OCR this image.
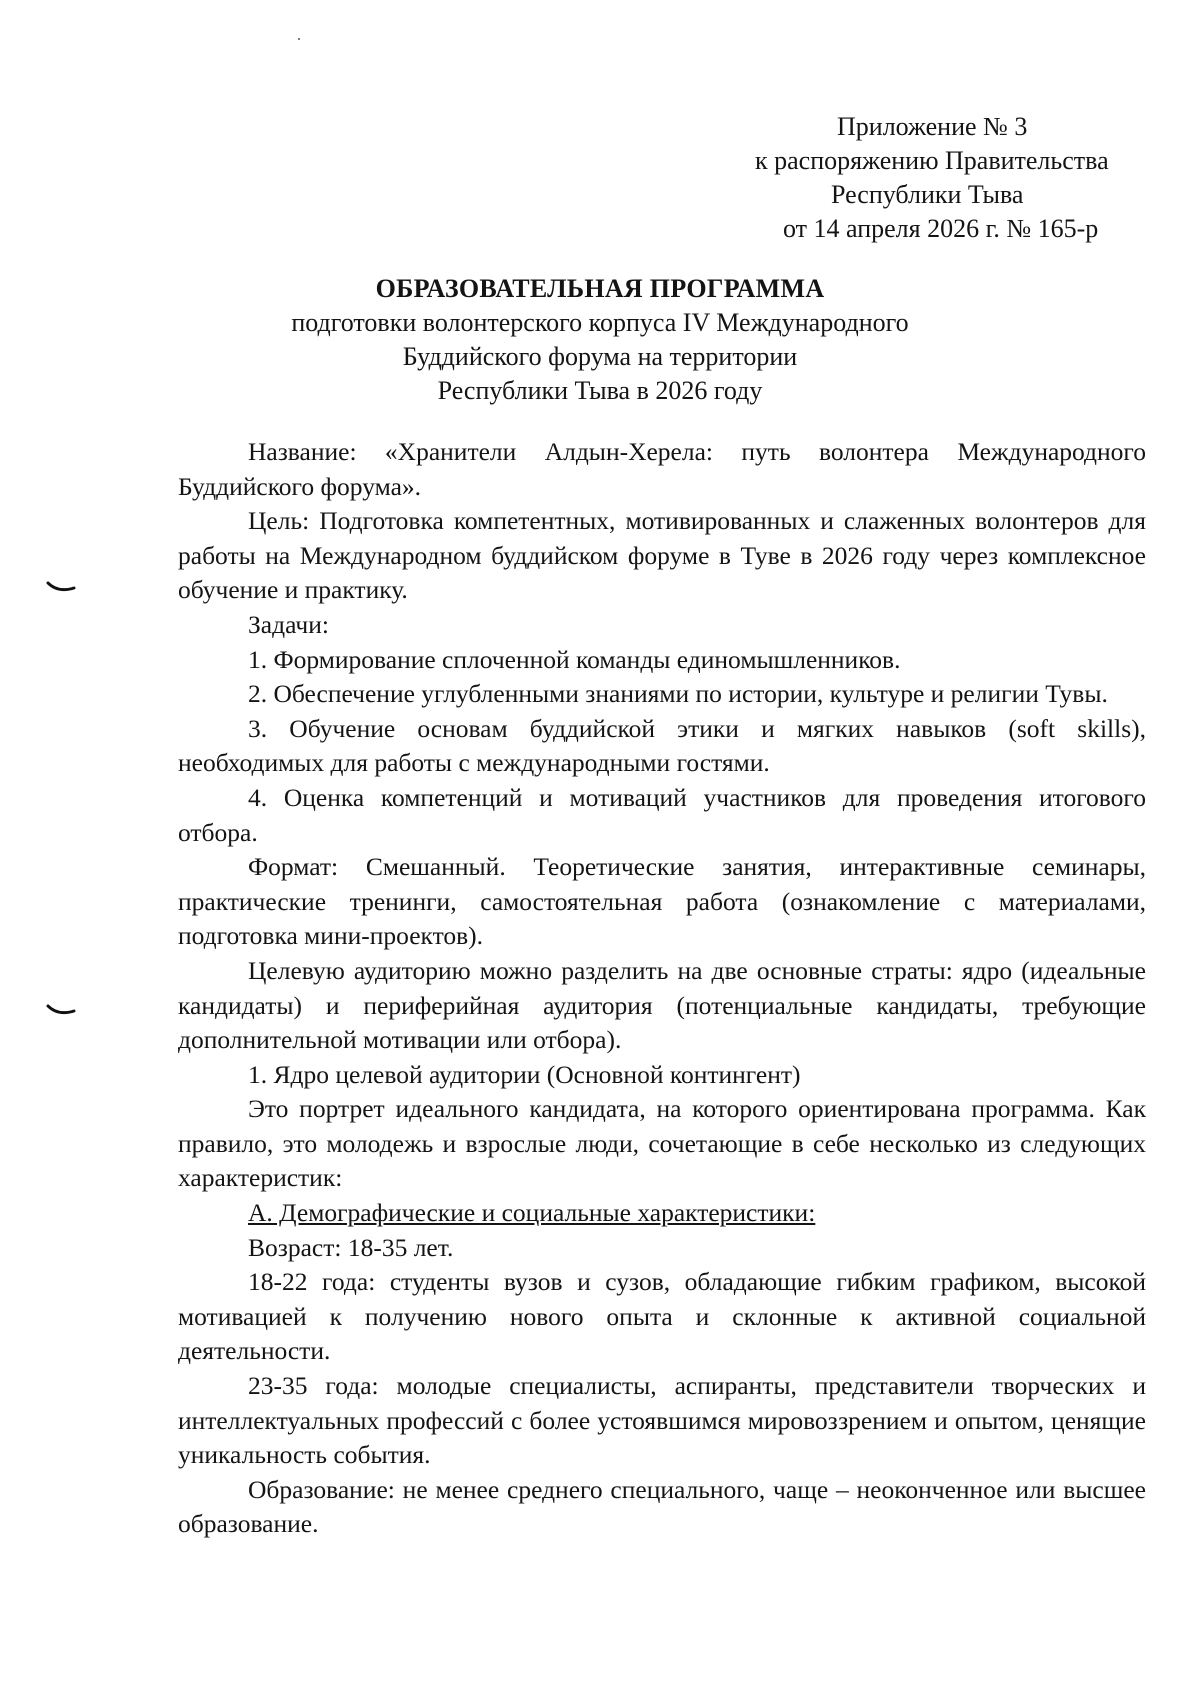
Приложение № 3
к распоряжению Правительства
Республики Тыва
от 14 апреля 2026 г. № 165-р
ОБРАЗОВАТЕЛЬНАЯ ПРОГРАММА
подготовки волонтерского корпуса IV Международного
Буддийского форума на территории
Республики Тыва в 2026 году

Название: «Хранители Алдын-Херела: путь волонтера Международного Буддийского форума».

Цель: Подготовка компетентных, мотивированных и слаженных волонтеров для работы на Международном буддийском форуме в Туве в 2026 году через комплексное обучение и практику.

Задачи:

1. Формирование сплоченной команды единомышленников.

2. Обеспечение углубленными знаниями по истории, культуре и религии Тувы.

3. Обучение основам буддийской этики и мягких навыков (soft skills), необходимых для работы с международными гостями.

4. Оценка компетенций и мотиваций участников для проведения итогового отбора.

Формат: Смешанный. Теоретические занятия, интерактивные семинары, практические тренинги, самостоятельная работа (ознакомление с материалами, подготовка мини-проектов).

Целевую аудиторию можно разделить на две основные страты: ядро (идеальные кандидаты) и периферийная аудитория (потенциальные кандидаты, требующие дополнительной мотивации или отбора).

1. Ядро целевой аудитории (Основной контингент)

Это портрет идеального кандидата, на которого ориентирована программа. Как правило, это молодежь и взрослые люди, сочетающие в себе несколько из следующих характеристик:

А. Демографические и социальные характеристики:

Возраст: 18-35 лет.

18-22 года: студенты вузов и сузов, обладающие гибким графиком, высокой мотивацией к получению нового опыта и склонные к активной социальной деятельности.

23-35 года: молодые специалисты, аспиранты, представители творческих и интеллектуальных профессий с более устоявшимся мировоззрением и опытом, ценящие уникальность события.

Образование: не менее среднего специального, чаще – неоконченное или высшее образование.
